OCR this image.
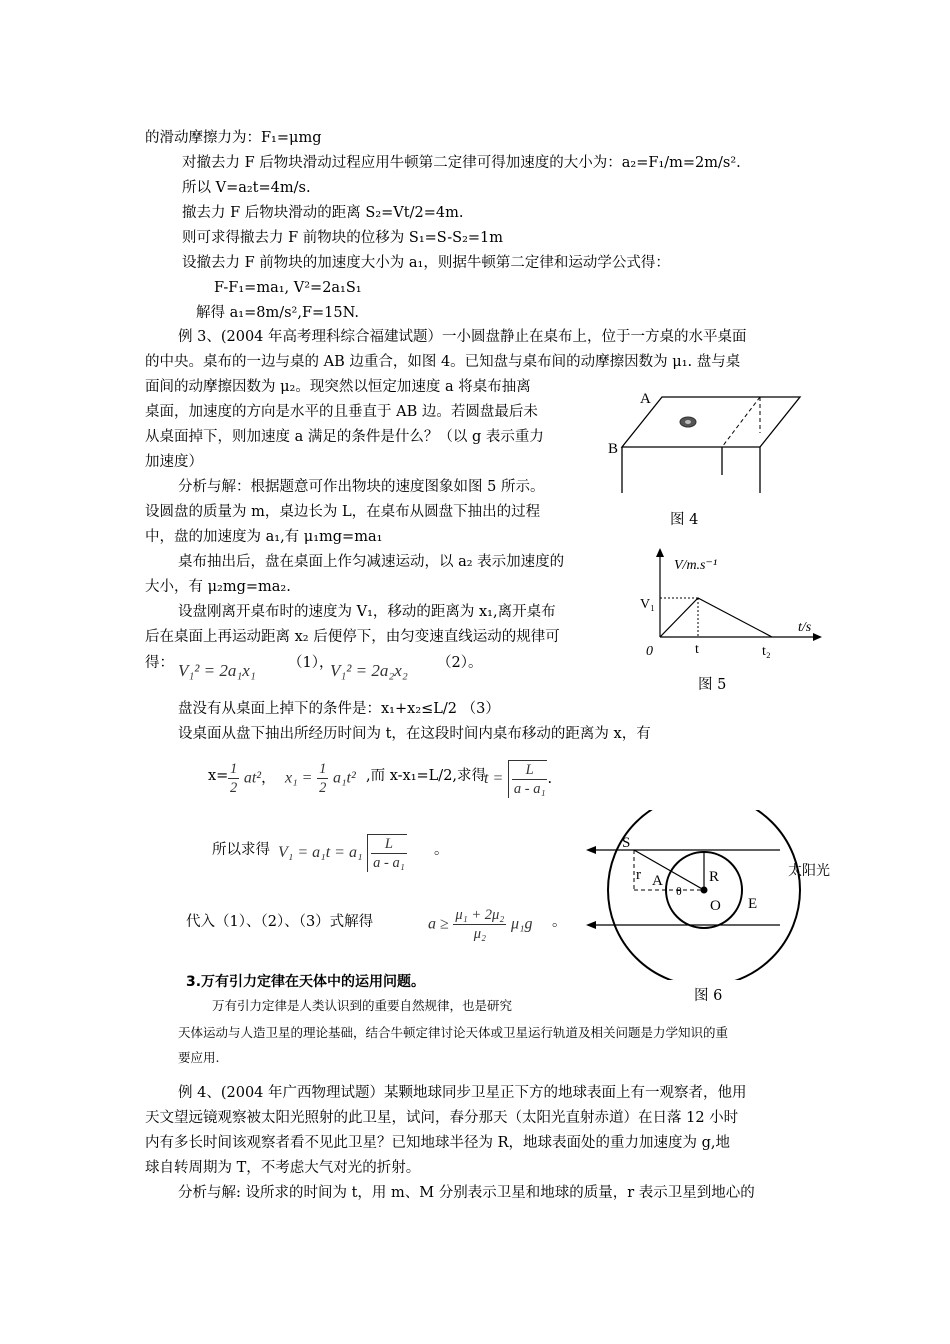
的滑动摩擦力为：F₁=μmg
对撤去力 F 后物块滑动过程应用牛顿第二定律可得加速度的大小为：a₂=F₁/m=2m/s².
所以 V=a₂t=4m/s.
撤去力 F 后物块滑动的距离 S₂=Vt/2=4m.
则可求得撤去力 F 前物块的位移为 S₁=S-S₂=1m
设撤去力 F 前物块的加速度大小为 a₁，则据牛顿第二定律和运动学公式得：
F-F₁=ma₁, V²=2a₁S₁
解得 a₁=8m/s²,F=15N.
例 3、(2004 年高考理科综合福建试题）一小圆盘静止在桌布上，位于一方桌的水平桌面
的中央。桌布的一边与桌的 AB 边重合，如图 4。已知盘与桌布间的动摩擦因数为 μ₁. 盘与桌
面间的动摩擦因数为 μ₂。现突然以恒定加速度 a 将桌布抽离
桌面，加速度的方向是水平的且垂直于 AB 边。若圆盘最后未
从桌面掉下，则加速度 a 满足的条件是什么？（以 g 表示重力
加速度）
分析与解：根据题意可作出物块的速度图象如图 5 所示。
设圆盘的质量为 m，桌边长为 L，在桌布从圆盘下抽出的过程
中，盘的加速度为 a₁,有 μ₁mg=ma₁
桌布抽出后，盘在桌面上作匀减速运动，以 a₂ 表示加速度的
大小，有 μ₂mg=ma₂.
设盘刚离开桌布时的速度为 V₁，移动的距离为 x₁,离开桌布
后在桌面上再运动距离 x₂ 后便停下，由匀变速直线运动的规律可
得： V₁² = 2a₁x₁ （1），
V₁² = 2a₂x₂ （2）。
盘没有从桌面上掉下的条件是：x₁+x₂≤L/2 （3）
设桌面从盘下抽出所经历时间为 t，在这段时间内桌布移动的距离为 x，有
$x= \frac{1}{2} at^2$， $x_1 = \frac{1}{2} a_1t^2$ ,而 x-x₁=L/2,求得
$t = \frac{L}{\text{a - a₁}}$ .
所以求得 $V_1 = a_1t = a_1 \frac{L}{\text{a - a₁}}$ 。
代入（1）、（2）、（3）式解得	$a \ge \frac{\text{μ₁ + 2μ₂}}{\text{μ₂}} \mu_1g$ 。
3.万有引力定律在天体中的运用问题。
万有引力定律是人类认识到的重要自然规律，也是研究
天体运动与人造卫星的理论基础，结合牛顿定律讨论天体或卫星运行轨道及相关问题是力学知识的重
要应用.
例 4、(2004 年广西物理试题）某颗地球同步卫星正下方的地球表面上有一观察者，他用
天文望远镜观察被太阳光照射的此卫星，试问，春分那天（太阳光直射赤道）在日落 12 小时
内有多长时间该观察者看不见此卫星？已知地球半径为 R，地球表面处的重力加速度为 g,地
球自转周期为 T，不考虑大气对光的折射。
分析与解: 设所求的时间为 t，用 m、M 分别表示卫星和地球的质量，r 表示卫星到地心的
A
B
图 4
V/m.s⁻¹
t/s
0
V₁
t	t₂
图 5
S
r A
θ
R
O E
太阳光
图 6
